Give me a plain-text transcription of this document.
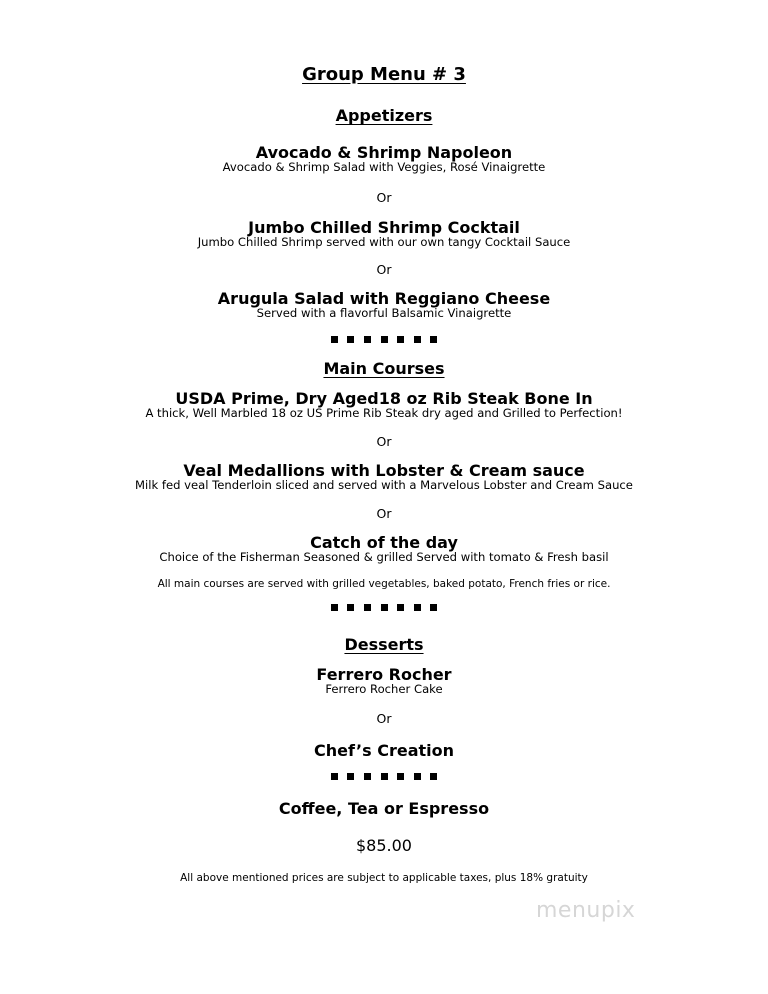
Group Menu # 3
Appetizers
Avocado & Shrimp Napoleon
Avocado & Shrimp Salad with Veggies, Rosé Vinaigrette
Or
Jumbo Chilled Shrimp Cocktail
Jumbo Chilled Shrimp served with our own tangy Cocktail Sauce
Or
Arugula Salad with Reggiano Cheese
Served with a flavorful Balsamic Vinaigrette
Main Courses
USDA Prime, Dry Aged18 oz Rib Steak Bone In
A thick, Well Marbled 18 oz US Prime Rib Steak dry aged and Grilled to Perfection!
Or
Veal Medallions with Lobster & Cream sauce
Milk fed veal Tenderloin sliced and served with a Marvelous Lobster and Cream Sauce
Or
Catch of the day
Choice of the Fisherman Seasoned & grilled Served with tomato & Fresh basil
All main courses are served with grilled vegetables, baked potato, French fries or rice.
Desserts
Ferrero Rocher
Ferrero Rocher Cake
Or
Chef’s Creation
Coffee, Tea or Espresso
$85.00
All above mentioned prices are subject to applicable taxes, plus 18% gratuity
menupix
